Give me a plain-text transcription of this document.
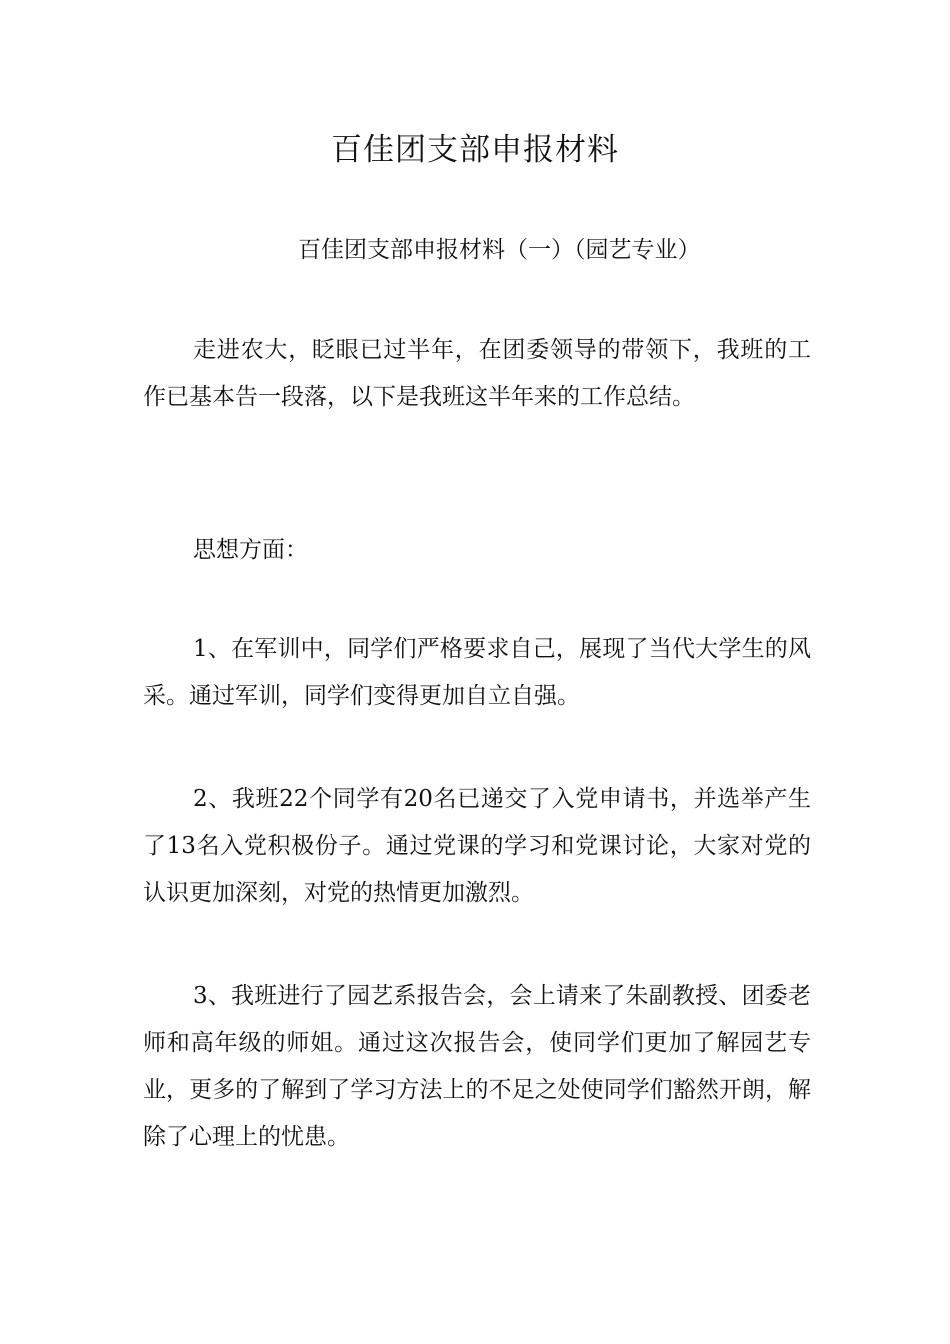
百佳团支部申报材料

百佳团支部申报材料（一）（园艺专业）

走进农大，眨眼已过半年，在团委领导的带领下，我班的工作已基本告一段落，以下是我班这半年来的工作总结。

思想方面：

1、在军训中，同学们严格要求自己，展现了当代大学生的风采。通过军训，同学们变得更加自立自强。

2、我班22个同学有20名已递交了入党申请书，并选举产生了13名入党积极份子。通过党课的学习和党课讨论，大家对党的认识更加深刻，对党的热情更加激烈。

3、我班进行了园艺系报告会，会上请来了朱副教授、团委老师和高年级的师姐。通过这次报告会，使同学们更加了解园艺专业，更多的了解到了学习方法上的不足之处使同学们豁然开朗，解除了心理上的忧患。
